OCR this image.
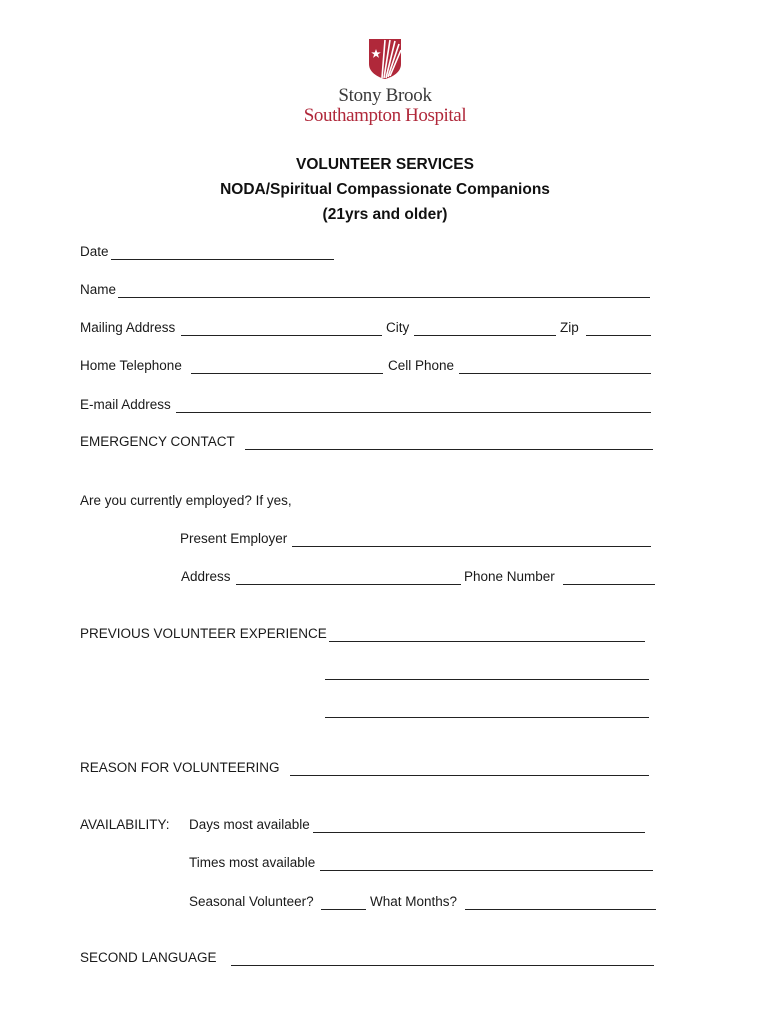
Stony Brook
Southampton Hospital
VOLUNTEER SERVICES
NODA/Spiritual Compassionate Companions
(21yrs and older)
Date
Name
Mailing Address	City	Zip
Home Telephone	Cell Phone
E-mail Address
EMERGENCY CONTACT
Are you currently employed? If yes,
Present Employer
Address	Phone Number
PREVIOUS VOLUNTEER EXPERIENCE
REASON FOR VOLUNTEERING
AVAILABILITY: Days most available
Times most available
Seasonal Volunteer?	What Months?
SECOND LANGUAGE
